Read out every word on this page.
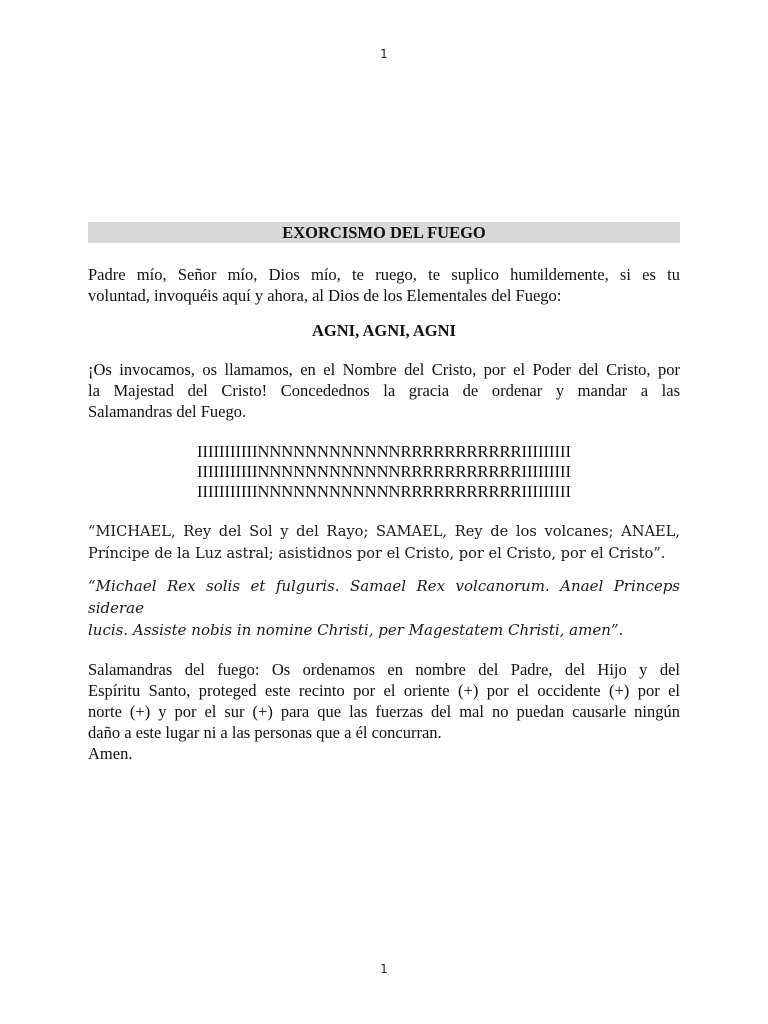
1
EXORCISMO DEL FUEGO
Padre mío, Señor mío, Dios mío, te ruego, te suplico humildemente, si es tu
voluntad, invoquéis aquí y ahora, al Dios de los Elementales del Fuego:
AGNI, AGNI, AGNI
¡Os invocamos, os llamamos, en el Nombre del Cristo, por el Poder del Cristo, por
la Majestad del Cristo! Concedednos la gracia de ordenar y mandar a las
Salamandras del Fuego.
IIIIIIIIIIINNNNNNNNNNNNRRRRRRRRRRRIIIIIIIII
IIIIIIIIIIINNNNNNNNNNNNRRRRRRRRRRRIIIIIIIII
IIIIIIIIIIINNNNNNNNNNNNRRRRRRRRRRRIIIIIIIII
“MICHAEL, Rey del Sol y del Rayo; SAMAEL, Rey de los volcanes; ANAEL,
Príncipe de la Luz astral; asistidnos por el Cristo, por el Cristo, por el Cristo”.
“Michael Rex solis et fulguris. Samael Rex volcanorum. Anael Princeps siderae
lucis. Assiste nobis in nomine Christi, per Magestatem Christi, amen”.
Salamandras del fuego: Os ordenamos en nombre del Padre, del Hijo y del
Espíritu Santo, proteged este recinto por el oriente (+) por el occidente (+) por el
norte (+) y por el sur (+) para que las fuerzas del mal no puedan causarle ningún
daño a este lugar ni a las personas que a él concurran.
Amen.
1
